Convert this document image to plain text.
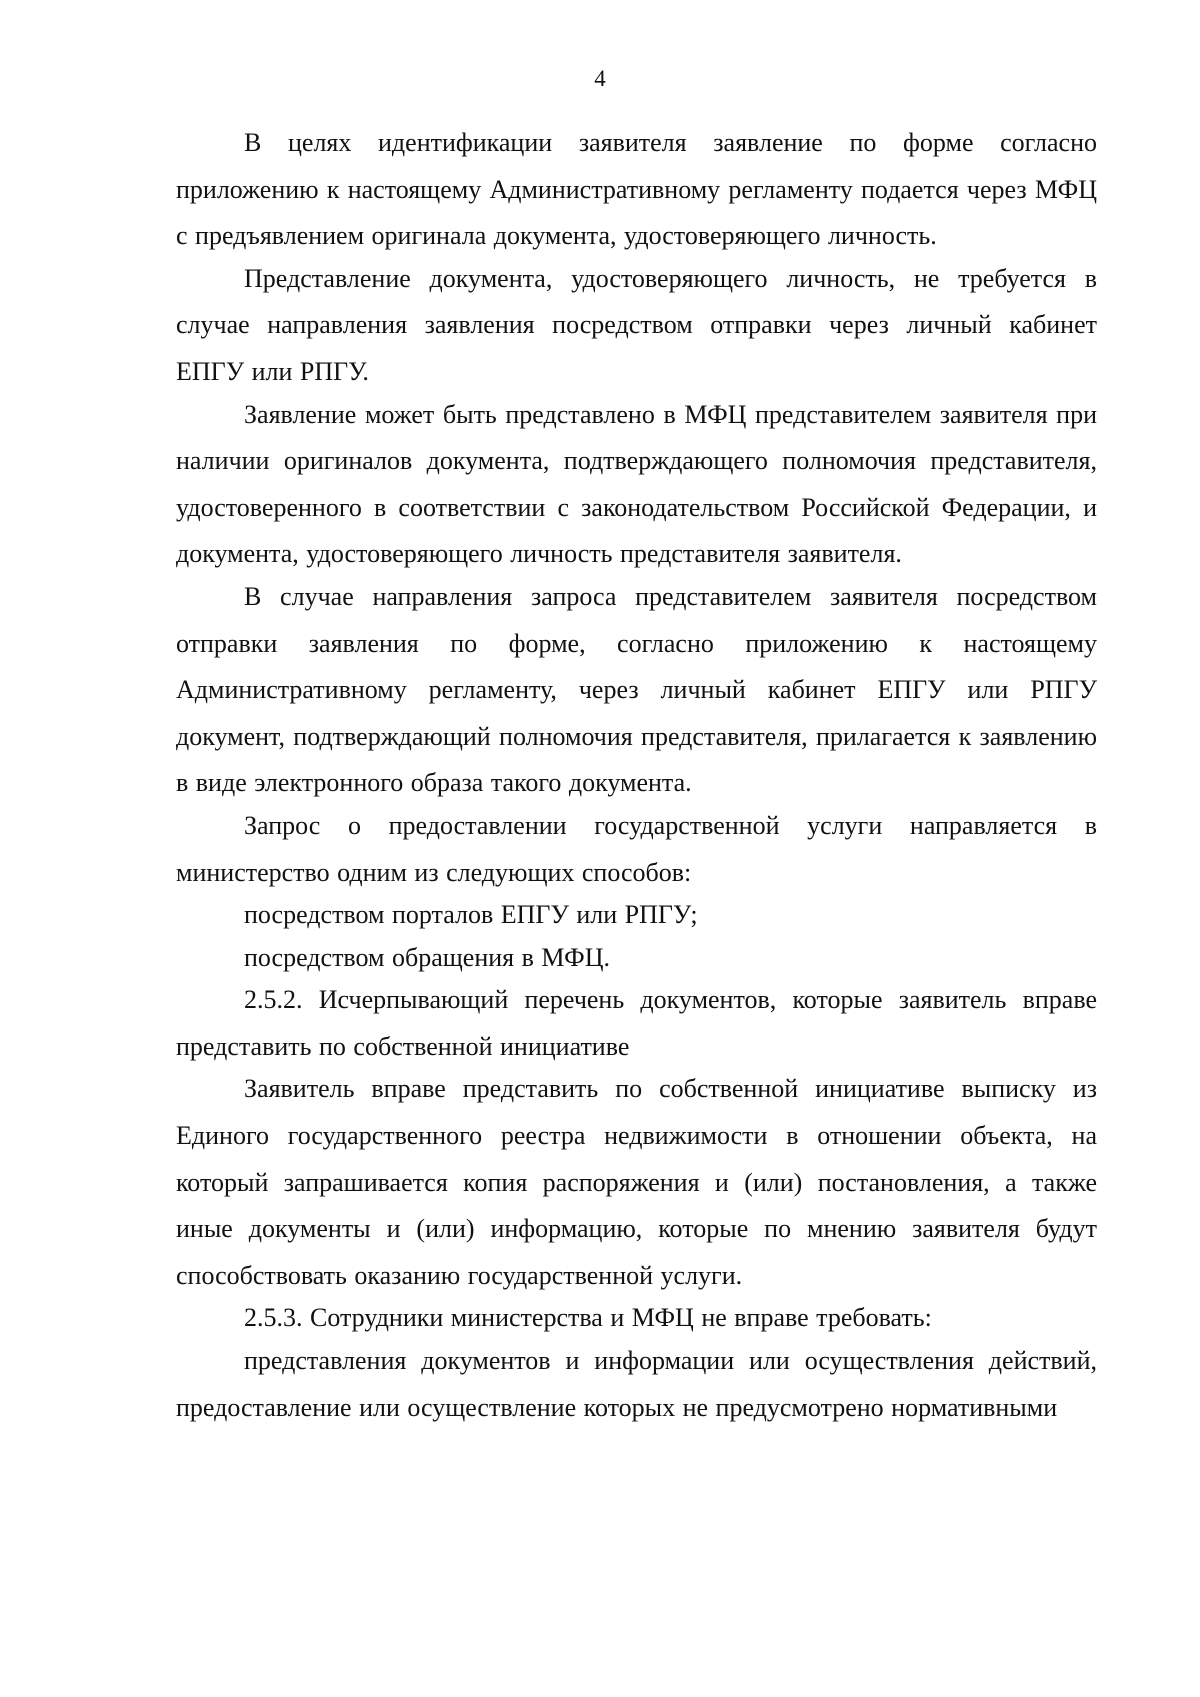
4

В целях идентификации заявителя заявление по форме согласно приложению к настоящему Административному регламенту подается через МФЦ с предъявлением оригинала документа, удостоверяющего личность.

Представление документа, удостоверяющего личность, не требуется в случае направления заявления посредством отправки через личный кабинет ЕПГУ или РПГУ.

Заявление может быть представлено в МФЦ представителем заявителя при наличии оригиналов документа, подтверждающего полномочия представителя, удостоверенного в соответствии с законодательством Российской Федерации, и документа, удостоверяющего личность представителя заявителя.

В случае направления запроса представителем заявителя посредством отправки заявления по форме, согласно приложению к настоящему Административному регламенту, через личный кабинет ЕПГУ или РПГУ документ, подтверждающий полномочия представителя, прилагается к заявлению в виде электронного образа такого документа.

Запрос о предоставлении государственной услуги направляется в министерство одним из следующих способов:

посредством порталов ЕПГУ или РПГУ;

посредством обращения в МФЦ.

2.5.2. Исчерпывающий перечень документов, которые заявитель вправе представить по собственной инициативе

Заявитель вправе представить по собственной инициативе выписку из Единого государственного реестра недвижимости в отношении объекта, на который запрашивается копия распоряжения и (или) постановления, а также иные документы и (или) информацию, которые по мнению заявителя будут способствовать оказанию государственной услуги.

2.5.3. Сотрудники министерства и МФЦ не вправе требовать:

представления документов и информации или осуществления действий, предоставление или осуществление которых не предусмотрено нормативными
